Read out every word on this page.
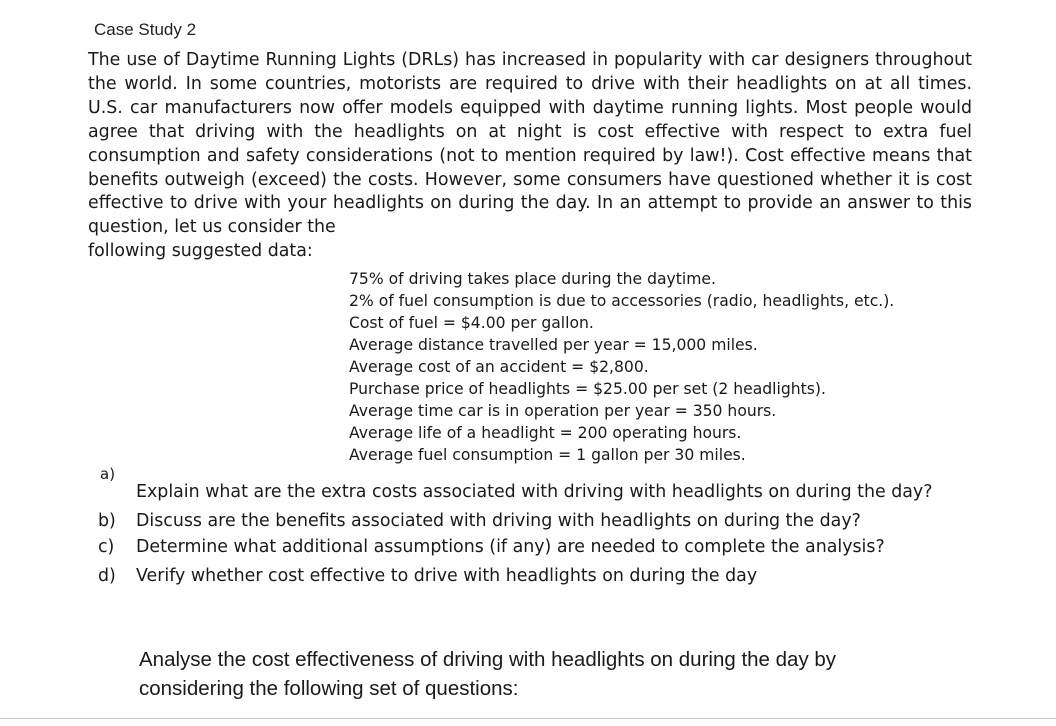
Case Study 2

The use of Daytime Running Lights (DRLs) has increased in popularity with car designers throughout the world. In some countries, motorists are required to drive with their headlights on at all times. U.S. car manufacturers now offer models equipped with daytime running lights. Most people would agree that driving with the headlights on at night is cost effective with respect to extra fuel consumption and safety considerations (not to mention required by law!). Cost effective means that benefits outweigh (exceed) the costs. However, some consumers have questioned whether it is cost effective to drive with your headlights on during the day. In an attempt to provide an answer to this question, let us consider the
following suggested data:

75% of driving takes place during the daytime.
2% of fuel consumption is due to accessories (radio, headlights, etc.).
Cost of fuel = $4.00 per gallon.
Average distance travelled per year = 15,000 miles.
Average cost of an accident = $2,800.
Purchase price of headlights = $25.00 per set (2 headlights).
Average time car is in operation per year = 350 hours.
Average life of a headlight = 200 operating hours.
Average fuel consumption = 1 gallon per 30 miles.
a)
Explain what are the extra costs associated with driving with headlights on during the day?
b) Discuss are the benefits associated with driving with headlights on during the day?
c) Determine what additional assumptions (if any) are needed to complete the analysis?
d) Verify whether cost effective to drive with headlights on during the day

Analyse the cost effectiveness of driving with headlights on during the day by considering the following set of questions:
